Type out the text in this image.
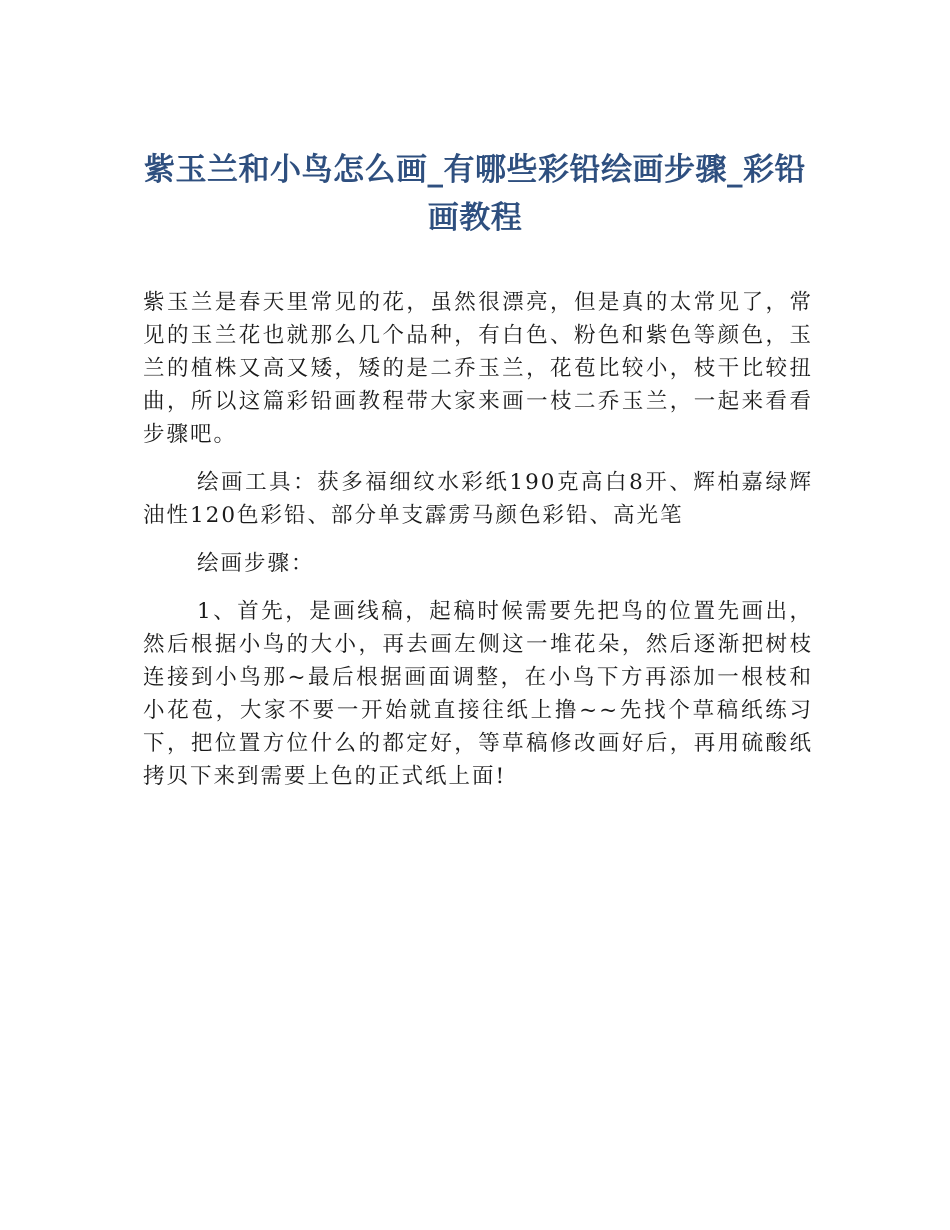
紫玉兰和小鸟怎么画_有哪些彩铅绘画步骤_彩铅画教程

紫玉兰是春天里常见的花，虽然很漂亮，但是真的太常见了，常见的玉兰花也就那么几个品种，有白色、粉色和紫色等颜色，玉兰的植株又高又矮，矮的是二乔玉兰，花苞比较小，枝干比较扭曲，所以这篇彩铅画教程带大家来画一枝二乔玉兰，一起来看看步骤吧。

绘画工具：获多福细纹水彩纸190克高白8开、辉柏嘉绿辉油性120色彩铅、部分单支霹雳马颜色彩铅、高光笔

绘画步骤：

1、首先，是画线稿，起稿时候需要先把鸟的位置先画出，然后根据小鸟的大小，再去画左侧这一堆花朵，然后逐渐把树枝连接到小鸟那~最后根据画面调整，在小鸟下方再添加一根枝和小花苞，大家不要一开始就直接往纸上撸~~先找个草稿纸练习下，把位置方位什么的都定好，等草稿修改画好后，再用硫酸纸拷贝下来到需要上色的正式纸上面!
